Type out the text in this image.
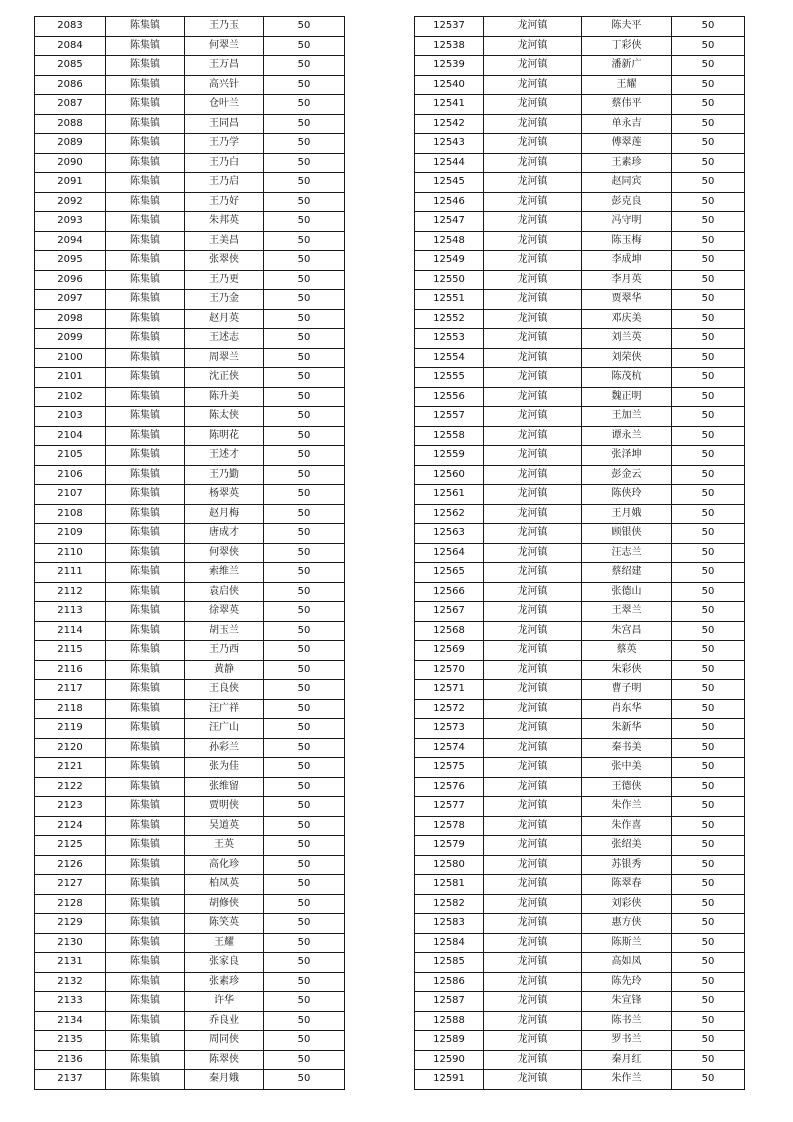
2083	陈集镇	王乃玉	50
2084	陈集镇	何翠兰	50
2085	陈集镇	王万昌	50
2086	陈集镇	高兴针	50
2087	陈集镇	仓叶兰	50
2088	陈集镇	王同昌	50
2089	陈集镇	王乃学	50
2090	陈集镇	王乃白	50
2091	陈集镇	王乃启	50
2092	陈集镇	王乃好	50
2093	陈集镇	朱邦英	50
2094	陈集镇	王美昌	50
2095	陈集镇	张翠侠	50
2096	陈集镇	王乃更	50
2097	陈集镇	王乃金	50
2098	陈集镇	赵月英	50
2099	陈集镇	王述志	50
2100	陈集镇	周翠兰	50
2101	陈集镇	沈正侠	50
2102	陈集镇	陈升美	50
2103	陈集镇	陈太侠	50
2104	陈集镇	陈明花	50
2105	陈集镇	王述才	50
2106	陈集镇	王乃勤	50
2107	陈集镇	杨翠英	50
2108	陈集镇	赵月梅	50
2109	陈集镇	唐成才	50
2110	陈集镇	何翠侠	50
2111	陈集镇	索维兰	50
2112	陈集镇	袁启侠	50
2113	陈集镇	徐翠英	50
2114	陈集镇	胡玉兰	50
2115	陈集镇	王乃西	50
2116	陈集镇	黄静	50
2117	陈集镇	王良侠	50
2118	陈集镇	汪广祥	50
2119	陈集镇	汪广山	50
2120	陈集镇	孙彩兰	50
2121	陈集镇	张为佳	50
2122	陈集镇	张维留	50
2123	陈集镇	贾明侠	50
2124	陈集镇	吴道英	50
2125	陈集镇	王英	50
2126	陈集镇	高化珍	50
2127	陈集镇	柏凤英	50
2128	陈集镇	胡修侠	50
2129	陈集镇	陈笑英	50
2130	陈集镇	王耀	50
2131	陈集镇	张家良	50
2132	陈集镇	张素珍	50
2133	陈集镇	许华	50
2134	陈集镇	乔良业	50
2135	陈集镇	周同侠	50
2136	陈集镇	陈翠侠	50
2137	陈集镇	秦月娥	50
12537	龙河镇	陈夫平	50
12538	龙河镇	丁彩侠	50
12539	龙河镇	潘新广	50
12540	龙河镇	王耀	50
12541	龙河镇	蔡伟平	50
12542	龙河镇	单永吉	50
12543	龙河镇	傅翠莲	50
12544	龙河镇	王素珍	50
12545	龙河镇	赵同宾	50
12546	龙河镇	彭克良	50
12547	龙河镇	冯守明	50
12548	龙河镇	陈玉梅	50
12549	龙河镇	李成坤	50
12550	龙河镇	李月英	50
12551	龙河镇	贾翠华	50
12552	龙河镇	邓庆美	50
12553	龙河镇	刘兰英	50
12554	龙河镇	刘荣侠	50
12555	龙河镇	陈茂杭	50
12556	龙河镇	魏正明	50
12557	龙河镇	王加兰	50
12558	龙河镇	谭永兰	50
12559	龙河镇	张泽坤	50
12560	龙河镇	彭金云	50
12561	龙河镇	陈侠玲	50
12562	龙河镇	王月娥	50
12563	龙河镇	顾银侠	50
12564	龙河镇	汪志兰	50
12565	龙河镇	蔡绍建	50
12566	龙河镇	张德山	50
12567	龙河镇	王翠兰	50
12568	龙河镇	朱宫昌	50
12569	龙河镇	蔡英	50
12570	龙河镇	朱彩侠	50
12571	龙河镇	曹子明	50
12572	龙河镇	肖东华	50
12573	龙河镇	朱新华	50
12574	龙河镇	秦书美	50
12575	龙河镇	张中美	50
12576	龙河镇	王德侠	50
12577	龙河镇	朱作兰	50
12578	龙河镇	朱作喜	50
12579	龙河镇	张绍美	50
12580	龙河镇	苏银秀	50
12581	龙河镇	陈翠春	50
12582	龙河镇	刘彩侠	50
12583	龙河镇	惠方侠	50
12584	龙河镇	陈斯兰	50
12585	龙河镇	高如凤	50
12586	龙河镇	陈先玲	50
12587	龙河镇	朱宣锋	50
12588	龙河镇	陈书兰	50
12589	龙河镇	罗书兰	50
12590	龙河镇	秦月红	50
12591	龙河镇	朱作兰	50
